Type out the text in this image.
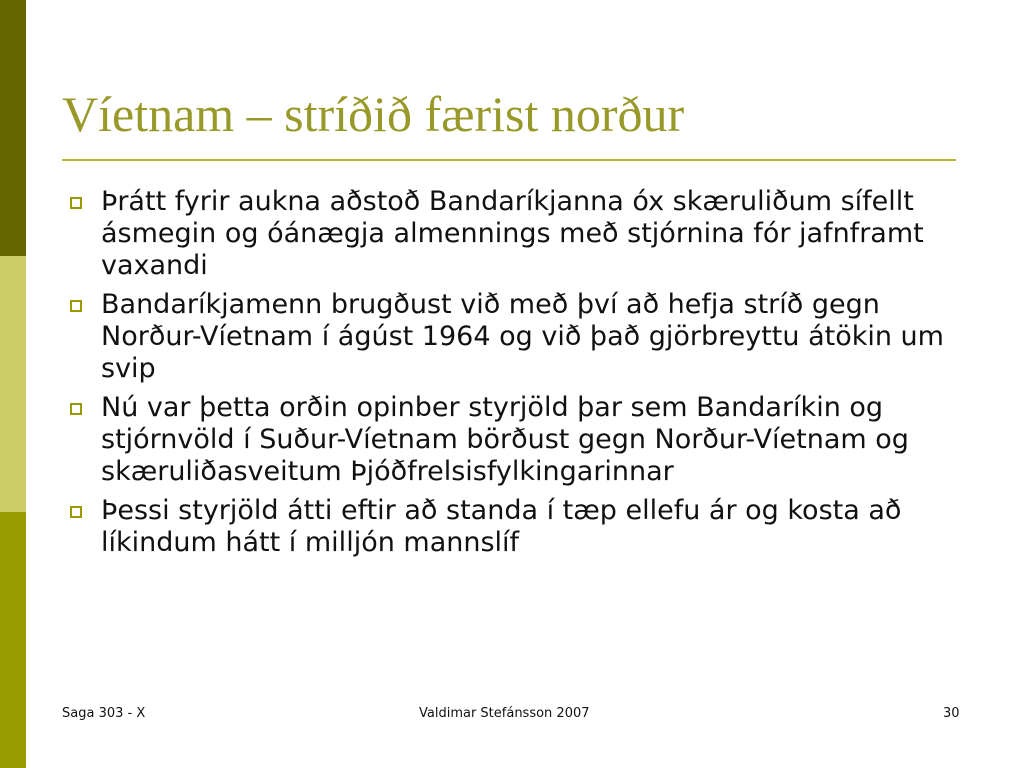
Víetnam – stríðið færist norður
Þrátt fyrir aukna aðstoð Bandaríkjanna óx skæruliðum sífellt ásmegin og óánægja almennings með stjórnina fór jafnframt vaxandi
Bandaríkjamenn brugðust við með því að hefja stríð gegn Norður-Víetnam í ágúst 1964 og við það gjörbreyttu átökin um svip
Nú var þetta orðin opinber styrjöld þar sem Bandaríkin og stjórnvöld í Suður-Víetnam börðust gegn Norður-Víetnam og skæruliðasveitum Þjóðfrelsisfylkingarinnar
Þessi styrjöld átti eftir að standa í tæp ellefu ár og kosta að líkindum hátt í milljón mannslíf
Saga 303 - X	Valdimar Stefánsson 2007	30
